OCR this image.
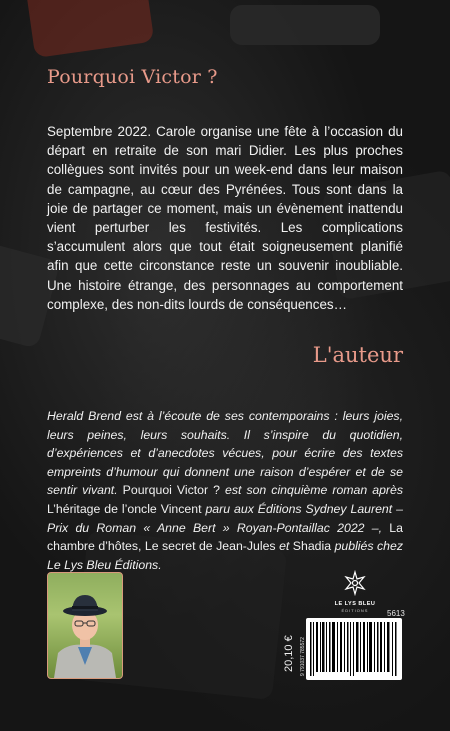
Pourquoi Victor ?

Septembre 2022. Carole organise une fête à l’occasion du départ en retraite de son mari Didier. Les plus proches collègues sont invités pour un week-end dans leur maison de campagne, au cœur des Pyrénées. Tous sont dans la joie de partager ce moment, mais un évènement inattendu vient perturber les festivités. Les complications s’accumulent alors que tout était soigneusement planifié afin que cette circonstance reste un souvenir inoubliable. Une histoire étrange, des personnages au comportement complexe, des non-dits lourds de conséquences…

L'auteur

Herald Brend est à l’écoute de ses contemporains : leurs joies, leurs peines, leurs souhaits. Il s’inspire du quotidien, d’expériences et d’anecdotes vécues, pour écrire des textes empreints d’humour qui donnent une raison d’espérer et de se sentir vivant. Pourquoi Victor ? est son cinquième roman après L’héritage de l’oncle Vincent paru aux Éditions Sydney Laurent – Prix du Roman « Anne Bert » Royan-Pontaillac 2022 –, La chambre d’hôtes, Le secret de Jean-Jules et Shadia publiés chez Le Lys Bleu Éditions.

LE LYS BLEU
ÉDITIONS	5613
20,10 € 9 791037 785572
